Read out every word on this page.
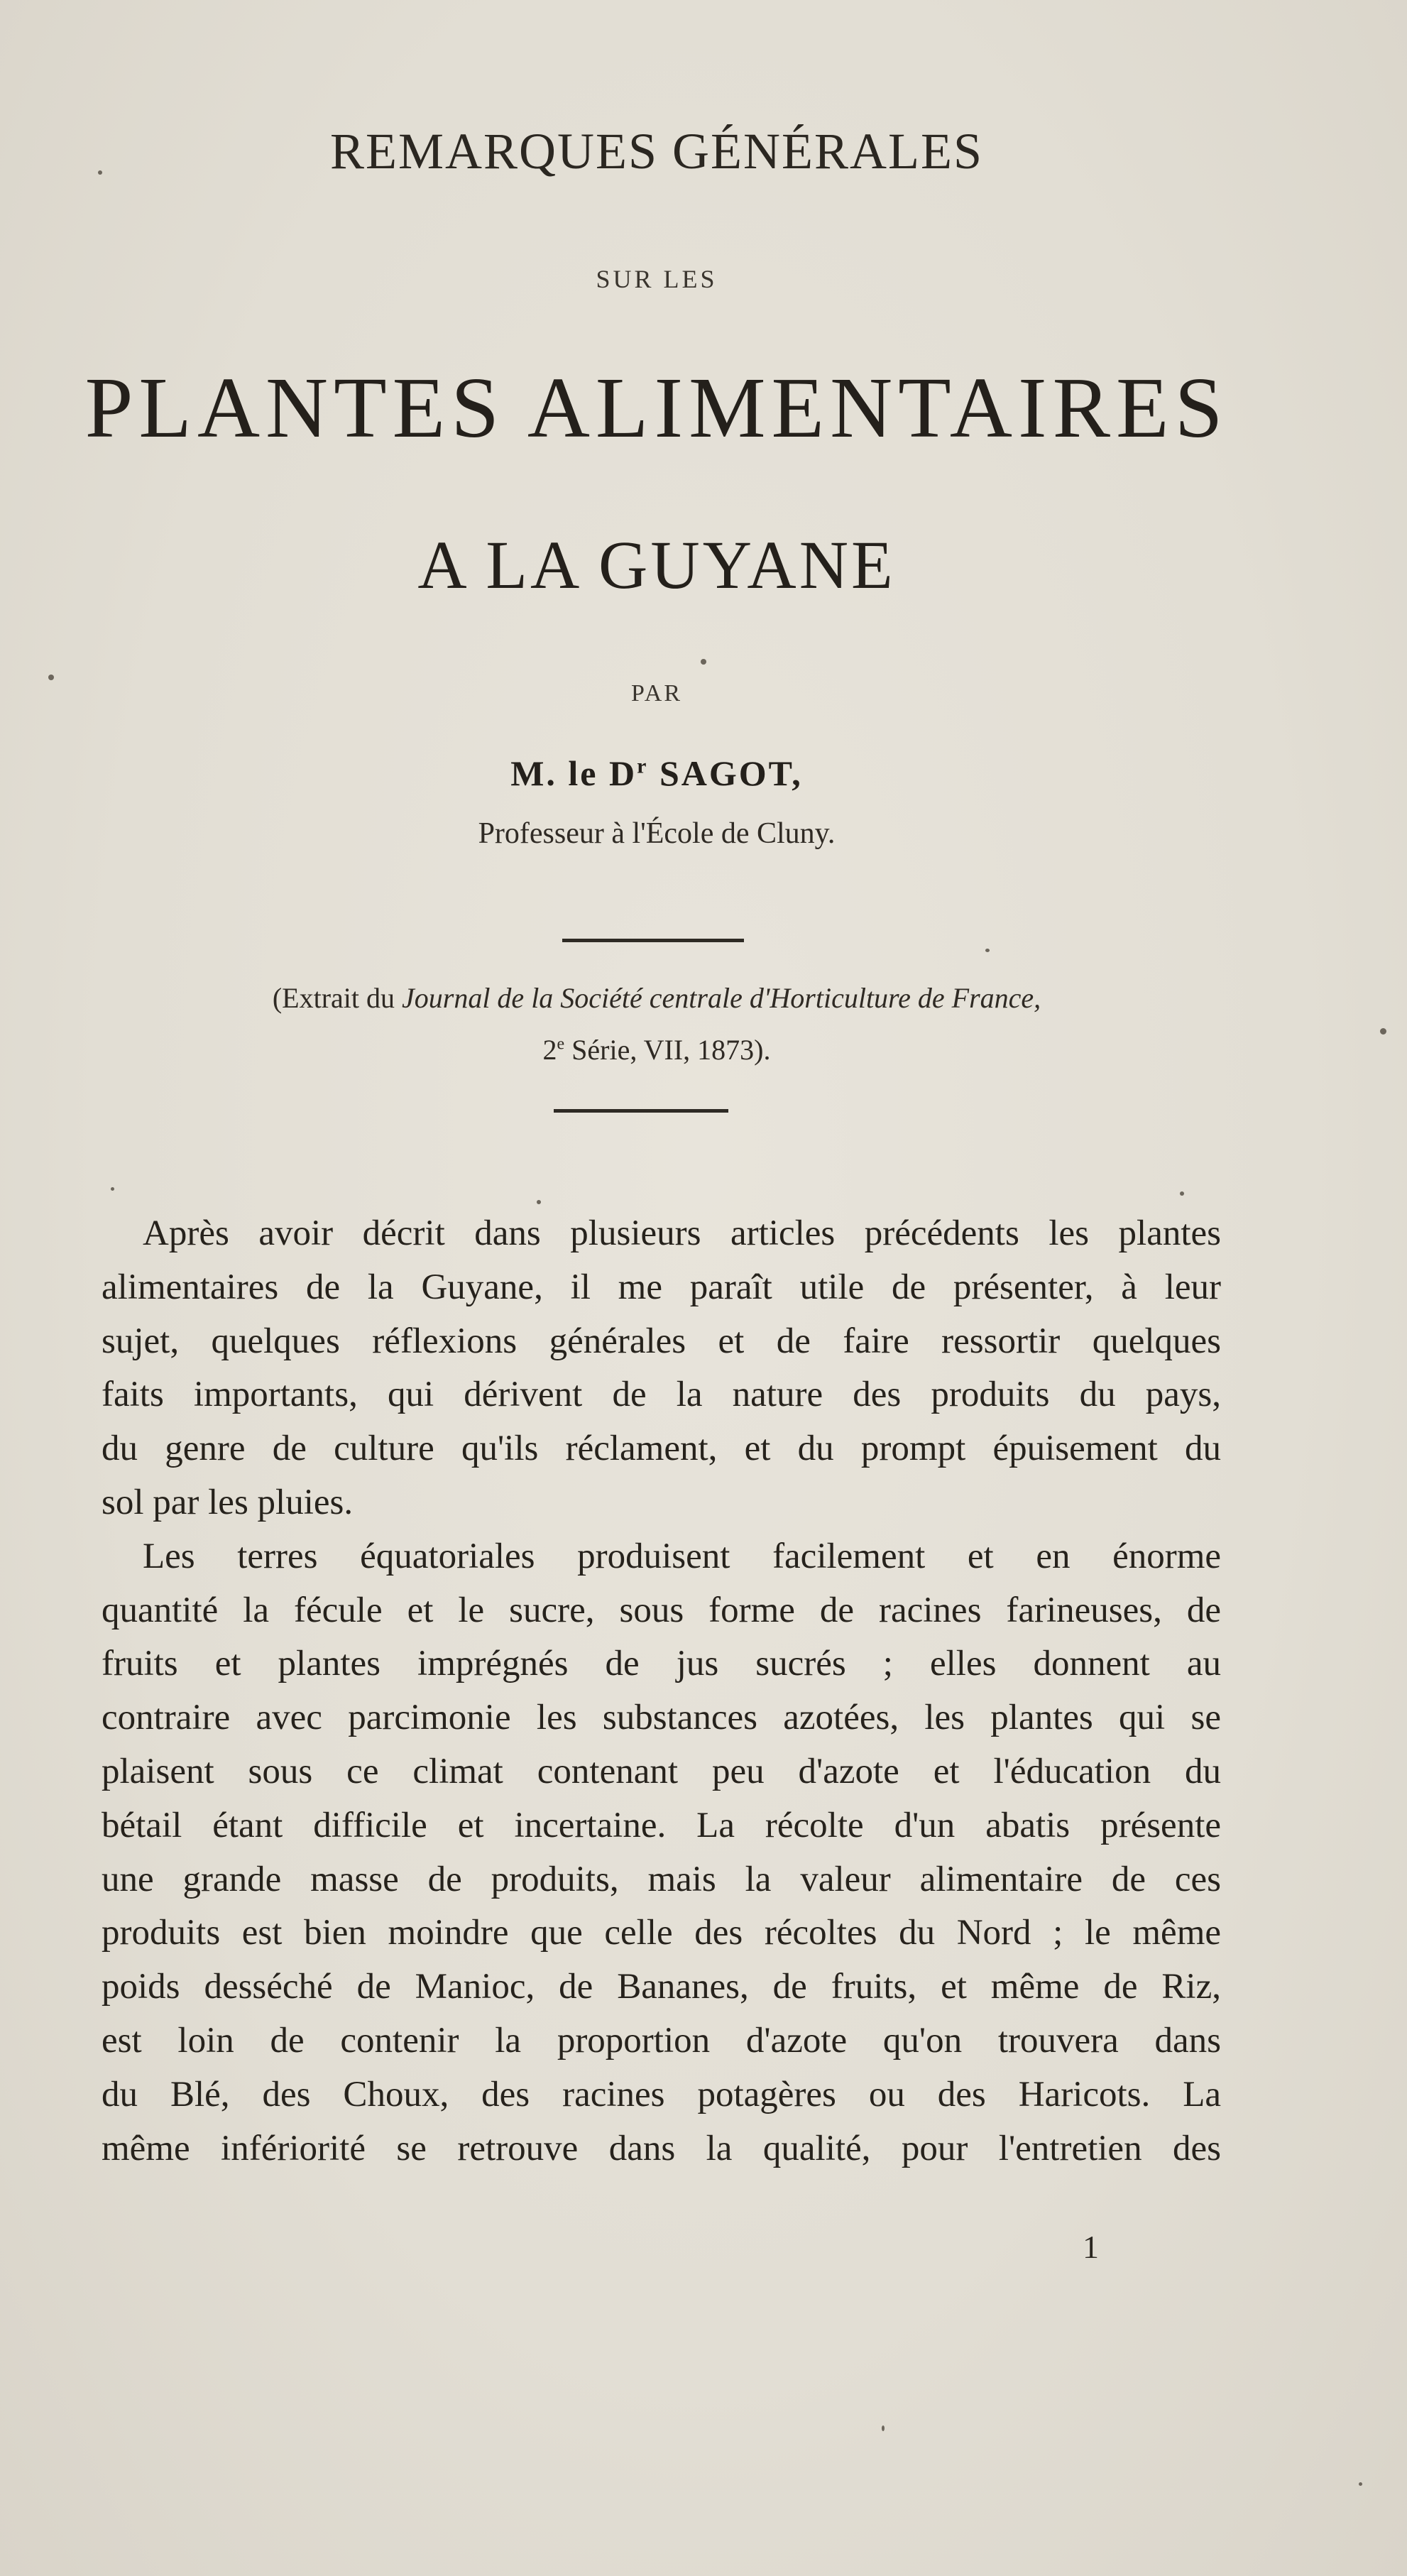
REMARQUES GÉNÉRALES
SUR LES
PLANTES ALIMENTAIRES
A LA GUYANE
PAR
M. le $D^r$ SAGOT,
Professeur à l'École de Cluny.
(Extrait du Journal de la Société centrale d'Horticulture de France,
2e Série, VII, 1873).
Après avoir décrit dans plusieurs articles précédents les plantes
alimentaires de la Guyane, il me paraît utile de présenter, à leur
sujet, quelques réflexions générales et de faire ressortir quelques
faits importants, qui dérivent de la nature des produits du pays,
du genre de culture qu'ils réclament, et du prompt épuisement du
sol par les pluies.
Les terres équatoriales produisent facilement et en énorme
quantité la fécule et le sucre, sous forme de racines farineuses, de
fruits et plantes imprégnés de jus sucrés ; elles donnent au
contraire avec parcimonie les substances azotées, les plantes qui se
plaisent sous ce climat contenant peu d'azote et l'éducation du
bétail étant difficile et incertaine. La récolte d'un abatis présente
une grande masse de produits, mais la valeur alimentaire de ces
produits est bien moindre que celle des récoltes du Nord ; le même
poids desséché de Manioc, de Bananes, de fruits, et même de Riz,
est loin de contenir la proportion d'azote qu'on trouvera dans
du Blé, des Choux, des racines potagères ou des Haricots. La
même infériorité se retrouve dans la qualité, pour l'entretien des
1
